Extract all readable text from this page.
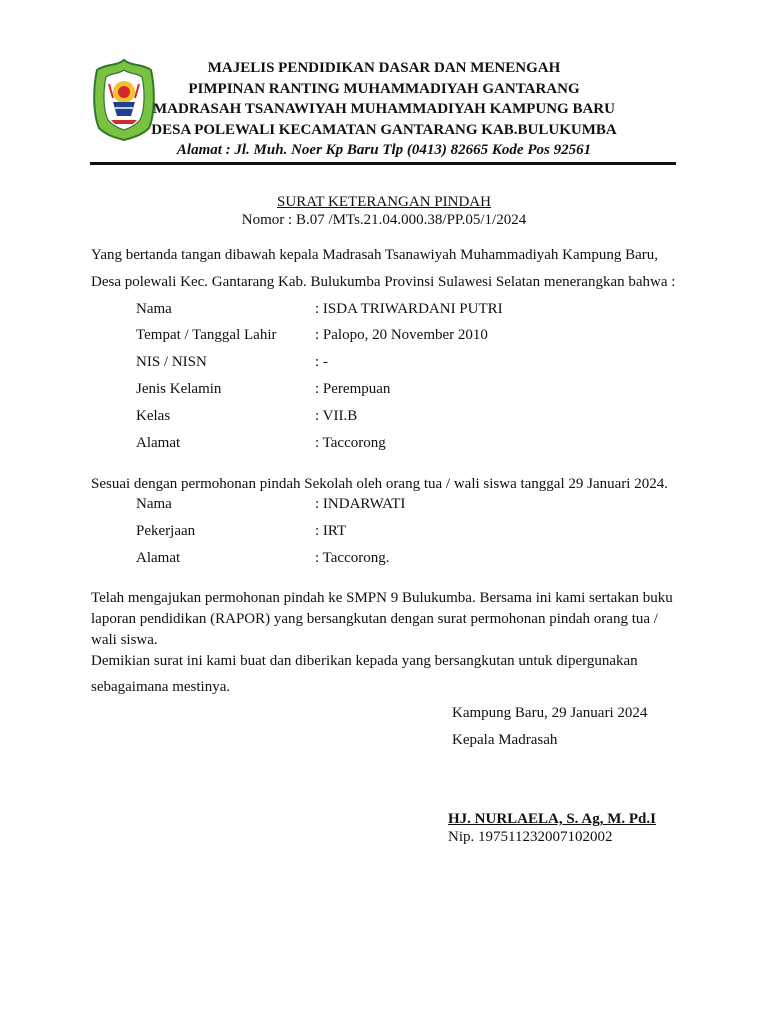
MAJELIS PENDIDIKAN DASAR DAN MENENGAH
PIMPINAN RANTING MUHAMMADIYAH GANTARANG
MADRASAH TSANAWIYAH MUHAMMADIYAH KAMPUNG BARU
DESA POLEWALI KECAMATAN GANTARANG KAB.BULUKUMBA
Alamat : Jl. Muh. Noer Kp Baru Tlp (0413) 82665 Kode Pos 92561
SURAT KETERANGAN PINDAH
Nomor : B.07 /MTs.21.04.000.38/PP.05/1/2024
Yang bertanda tangan dibawah kepala Madrasah Tsanawiyah Muhammadiyah Kampung Baru,
Desa polewali Kec. Gantarang Kab. Bulukumba Provinsi Sulawesi Selatan menerangkan bahwa :
Nama	: ISDA TRIWARDANI PUTRI
Tempat / Tanggal Lahir	: Palopo, 20 November 2010
NIS / NISN	: -
Jenis Kelamin	: Perempuan
Kelas	: VII.B
Alamat	: Taccorong
Sesuai dengan permohonan pindah Sekolah oleh orang tua / wali siswa tanggal 29 Januari 2024.
Nama	: INDARWATI
Pekerjaan	: IRT
Alamat	: Taccorong.
Telah mengajukan permohonan pindah ke SMPN 9 Bulukumba. Bersama ini kami sertakan buku
laporan pendidikan (RAPOR) yang bersangkutan dengan surat permohonan pindah orang tua /
wali siswa.
Demikian surat ini kami buat dan diberikan kepada yang bersangkutan untuk dipergunakan
sebagaimana mestinya.
Kampung Baru, 29 Januari 2024
Kepala Madrasah
HJ. NURLAELA, S. Ag, M. Pd.I
Nip. 197511232007102002
